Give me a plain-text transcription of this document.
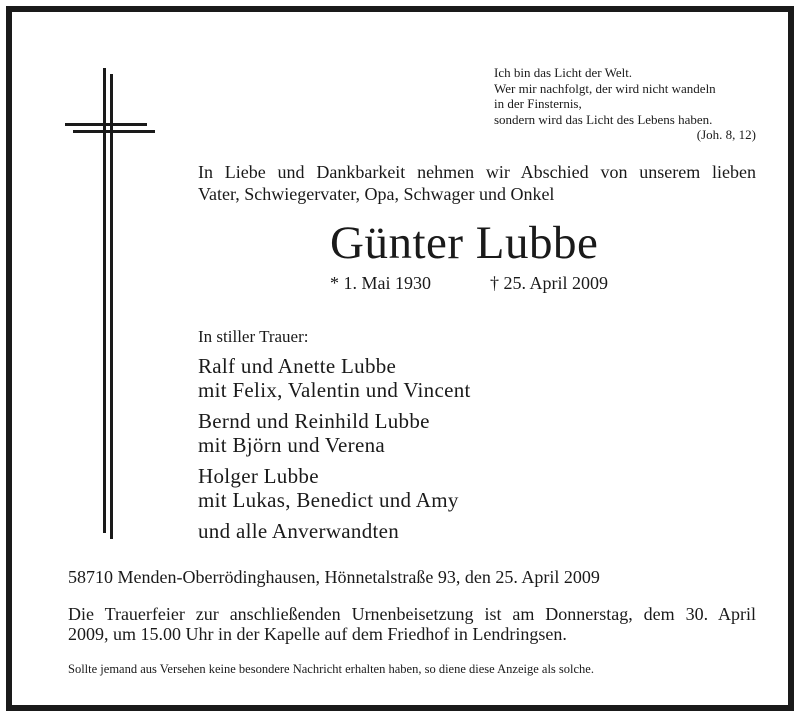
Ich bin das Licht der Welt.
Wer mir nachfolgt, der wird nicht wandeln
in der Finsternis,
sondern wird das Licht des Lebens haben.
(Joh. 8, 12)
In Liebe und Dankbarkeit nehmen wir Abschied von unserem lieben
Vater, Schwiegervater, Opa, Schwager und Onkel
Günter Lubbe
* 1. Mai 1930	† 25. April 2009
In stiller Trauer:
Ralf und Anette Lubbe
mit Felix, Valentin und Vincent
Bernd und Reinhild Lubbe
mit Björn und Verena
Holger Lubbe
mit Lukas, Benedict und Amy
und alle Anverwandten
58710 Menden-Oberrödinghausen, Hönnetalstraße 93, den 25. April 2009
Die Trauerfeier zur anschließenden Urnenbeisetzung ist am Donnerstag, dem 30. April
2009, um 15.00 Uhr in der Kapelle auf dem Friedhof in Lendringsen.
Sollte jemand aus Versehen keine besondere Nachricht erhalten haben, so diene diese Anzeige als solche.
